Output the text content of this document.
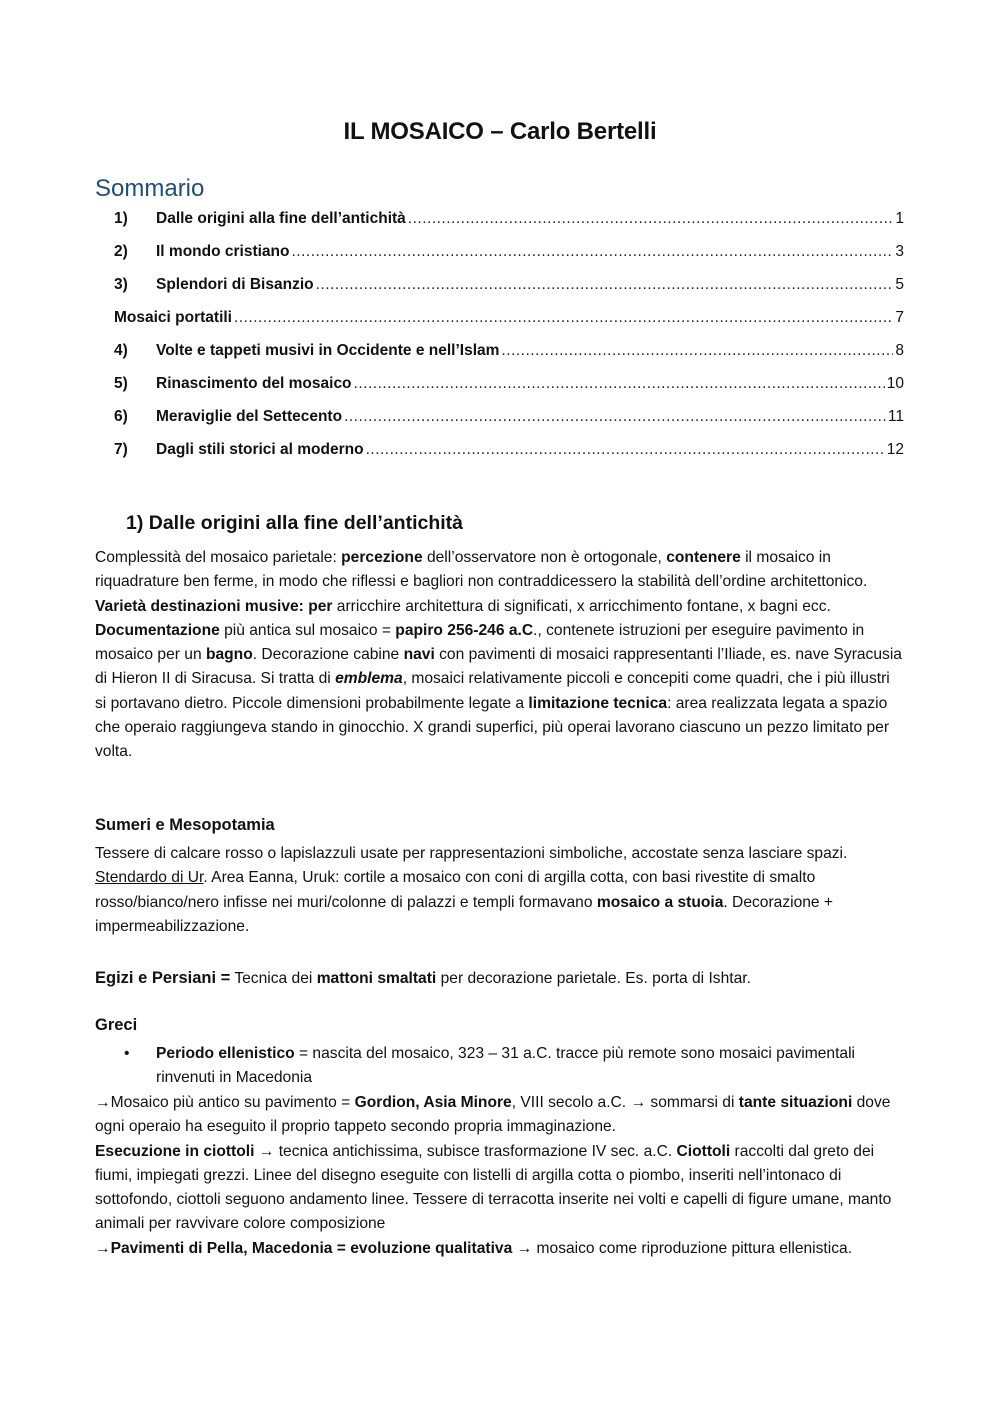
IL MOSAICO – Carlo Bertelli
Sommario
1)	Dalle origini alla fine dell’antichità .....	1
2)	Il mondo cristiano .....	3
3)	Splendori di Bisanzio .....	5
Mosaici portatili .....	7
4)	Volte e tappeti musivi in Occidente e nell’Islam .....	8
5)	Rinascimento del mosaico .....	10
6)	Meraviglie del Settecento .....	11
7)	Dagli stili storici al moderno .....	12
1) Dalle origini alla fine dell’antichità
Complessità del mosaico parietale: percezione dell’osservatore non è ortogonale, contenere il mosaico in riquadrature ben ferme, in modo che riflessi e bagliori non contraddicessero la stabilità dell’ordine architettonico. Varietà destinazioni musive: per arricchire architettura di significati, x arricchimento fontane, x bagni ecc. Documentazione più antica sul mosaico = papiro 256-246 a.C., contenete istruzioni per eseguire pavimento in mosaico per un bagno. Decorazione cabine navi con pavimenti di mosaici rappresentanti l’Iliade, es. nave Syracusia di Hieron II di Siracusa. Si tratta di emblema, mosaici relativamente piccoli e concepiti come quadri, che i più illustri si portavano dietro. Piccole dimensioni probabilmente legate a limitazione tecnica: area realizzata legata a spazio che operaio raggiungeva stando in ginocchio. X grandi superfici, più operai lavorano ciascuno un pezzo limitato per volta.
Sumeri e Mesopotamia
Tessere di calcare rosso o lapislazzuli usate per rappresentazioni simboliche, accostate senza lasciare spazi. Stendardo di Ur. Area Eanna, Uruk: cortile a mosaico con coni di argilla cotta, con basi rivestite di smalto rosso/bianco/nero infisse nei muri/colonne di palazzi e templi formavano mosaico a stuoia. Decorazione + impermeabilizzazione.
Egizi e Persiani = Tecnica dei mattoni smaltati per decorazione parietale. Es. porta di Ishtar.
Greci
• Periodo ellenistico = nascita del mosaico, 323 – 31 a.C. tracce più remote sono mosaici pavimentali rinvenuti in Macedonia
→Mosaico più antico su pavimento = Gordion, Asia Minore, VIII secolo a.C. → sommarsi di tante situazioni dove ogni operaio ha eseguito il proprio tappeto secondo propria immaginazione.
Esecuzione in ciottoli → tecnica antichissima, subisce trasformazione IV sec. a.C. Ciottoli raccolti dal greto dei fiumi, impiegati grezzi. Linee del disegno eseguite con listelli di argilla cotta o piombo, inseriti nell’intonaco di sottofondo, ciottoli seguono andamento linee. Tessere di terracotta inserite nei volti e capelli di figure umane, manto animali per ravvivare colore composizione
→Pavimenti di Pella, Macedonia = evoluzione qualitativa → mosaico come riproduzione pittura ellenistica.
